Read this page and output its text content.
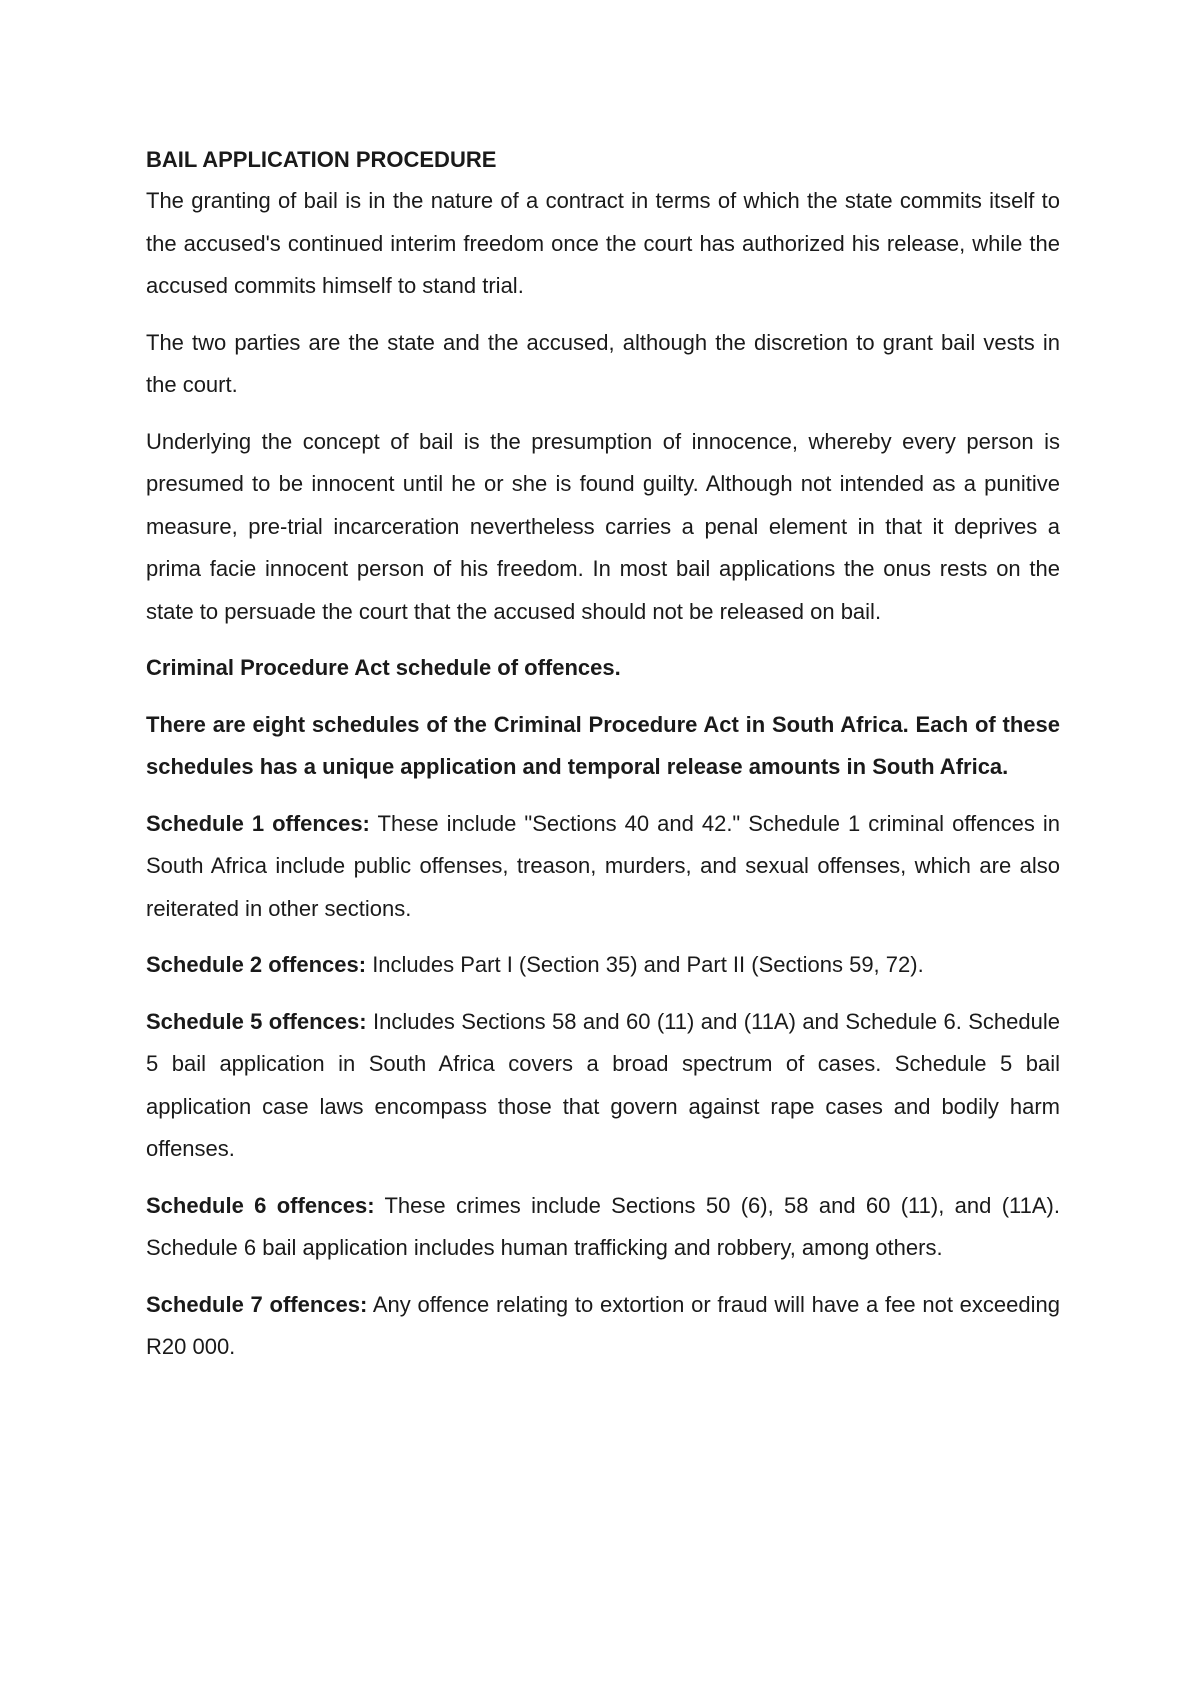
BAIL APPLICATION PROCEDURE

The granting of bail is in the nature of a contract in terms of which the state commits itself to the accused's continued interim freedom once the court has authorized his release, while the accused commits himself to stand trial.

The two parties are the state and the accused, although the discretion to grant bail vests in the court.

Underlying the concept of bail is the presumption of innocence, whereby every person is presumed to be innocent until he or she is found guilty. Although not intended as a punitive measure, pre-trial incarceration nevertheless carries a penal element in that it deprives a prima facie innocent person of his freedom. In most bail applications the onus rests on the state to persuade the court that the accused should not be released on bail.

Criminal Procedure Act schedule of offences.

There are eight schedules of the Criminal Procedure Act in South Africa. Each of these schedules has a unique application and temporal release amounts in South Africa.

Schedule 1 offences: These include "Sections 40 and 42." Schedule 1 criminal offences in South Africa include public offenses, treason, murders, and sexual offenses, which are also reiterated in other sections.

Schedule 2 offences: Includes Part I (Section 35) and Part II (Sections 59, 72).

Schedule 5 offences: Includes Sections 58 and 60 (11) and (11A) and Schedule 6. Schedule 5 bail application in South Africa covers a broad spectrum of cases. Schedule 5 bail application case laws encompass those that govern against rape cases and bodily harm offenses.

Schedule 6 offences: These crimes include Sections 50 (6), 58 and 60 (11), and (11A). Schedule 6 bail application includes human trafficking and robbery, among others.

Schedule 7 offences: Any offence relating to extortion or fraud will have a fee not exceeding R20 000.
